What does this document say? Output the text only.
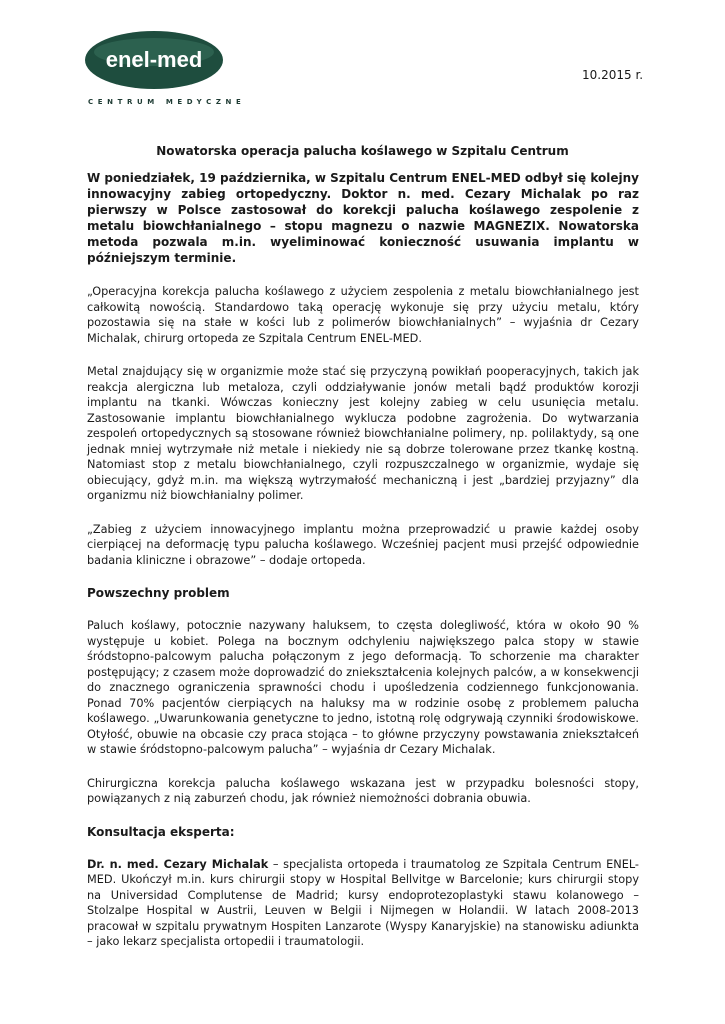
enel-med
CENTRUM MEDYCZNE
10.2015 r.
Nowatorska operacja palucha koślawego w Szpitalu Centrum

W poniedziałek, 19 października, w Szpitalu Centrum ENEL-MED odbył się kolejny innowacyjny zabieg ortopedyczny. Doktor n. med. Cezary Michalak po raz pierwszy w Polsce zastosował do korekcji palucha koślawego zespolenie z metalu biowchłanialnego – stopu magnezu o nazwie MAGNEZIX. Nowatorska metoda pozwala m.in. wyeliminować konieczność usuwania implantu w późniejszym terminie.

„Operacyjna korekcja palucha koślawego z użyciem zespolenia z metalu biowchłanialnego jest całkowitą nowością. Standardowo taką operację wykonuje się przy użyciu metalu, który pozostawia się na stałe w kości lub z polimerów biowchłanialnych” – wyjaśnia dr Cezary Michalak, chirurg ortopeda ze Szpitala Centrum ENEL-MED.

Metal znajdujący się w organizmie może stać się przyczyną powikłań pooperacyjnych, takich jak reakcja alergiczna lub metaloza, czyli oddziaływanie jonów metali bądź produktów korozji implantu na tkanki. Wówczas konieczny jest kolejny zabieg w celu usunięcia metalu. Zastosowanie implantu biowchłanialnego wyklucza podobne zagrożenia. Do wytwarzania zespoleń ortopedycznych są stosowane również biowchłanialne polimery, np. polilaktydy, są one jednak mniej wytrzymałe niż metale i niekiedy nie są dobrze tolerowane przez tkankę kostną. Natomiast stop z metalu biowchłanialnego, czyli rozpuszczalnego w organizmie, wydaje się obiecujący, gdyż m.in. ma większą wytrzymałość mechaniczną i jest „bardziej przyjazny” dla organizmu niż biowchłanialny polimer.

„Zabieg z użyciem innowacyjnego implantu można przeprowadzić u prawie każdej osoby cierpiącej na deformację typu palucha koślawego. Wcześniej pacjent musi przejść odpowiednie badania kliniczne i obrazowe” – dodaje ortopeda.

Powszechny problem

Paluch koślawy, potocznie nazywany haluksem, to częsta dolegliwość, która w około 90 % występuje u kobiet. Polega na bocznym odchyleniu największego palca stopy w stawie śródstopno-palcowym palucha połączonym z jego deformacją. To schorzenie ma charakter postępujący; z czasem może doprowadzić do zniekształcenia kolejnych palców, a w konsekwencji do znacznego ograniczenia sprawności chodu i upośledzenia codziennego funkcjonowania. Ponad 70% pacjentów cierpiących na haluksy ma w rodzinie osobę z problemem palucha koślawego. „Uwarunkowania genetyczne to jedno, istotną rolę odgrywają czynniki środowiskowe. Otyłość, obuwie na obcasie czy praca stojąca – to główne przyczyny powstawania zniekształceń w stawie śródstopno-palcowym palucha” – wyjaśnia dr Cezary Michalak.

Chirurgiczna korekcja palucha koślawego wskazana jest w przypadku bolesności stopy, powiązanych z nią zaburzeń chodu, jak również niemożności dobrania obuwia.

Konsultacja eksperta:

Dr. n. med. Cezary Michalak – specjalista ortopeda i traumatolog ze Szpitala Centrum ENEL-MED. Ukończył m.in. kurs chirurgii stopy w Hospital Bellvitge w Barcelonie; kurs chirurgii stopy na Universidad Complutense de Madrid; kursy endoprotezoplastyki stawu kolanowego – Stolzalpe Hospital w Austrii, Leuven w Belgii i Nijmegen w Holandii. W latach 2008-2013 pracował w szpitalu prywatnym Hospiten Lanzarote (Wyspy Kanaryjskie) na stanowisku adiunkta – jako lekarz specjalista ortopedii i traumatologii.
